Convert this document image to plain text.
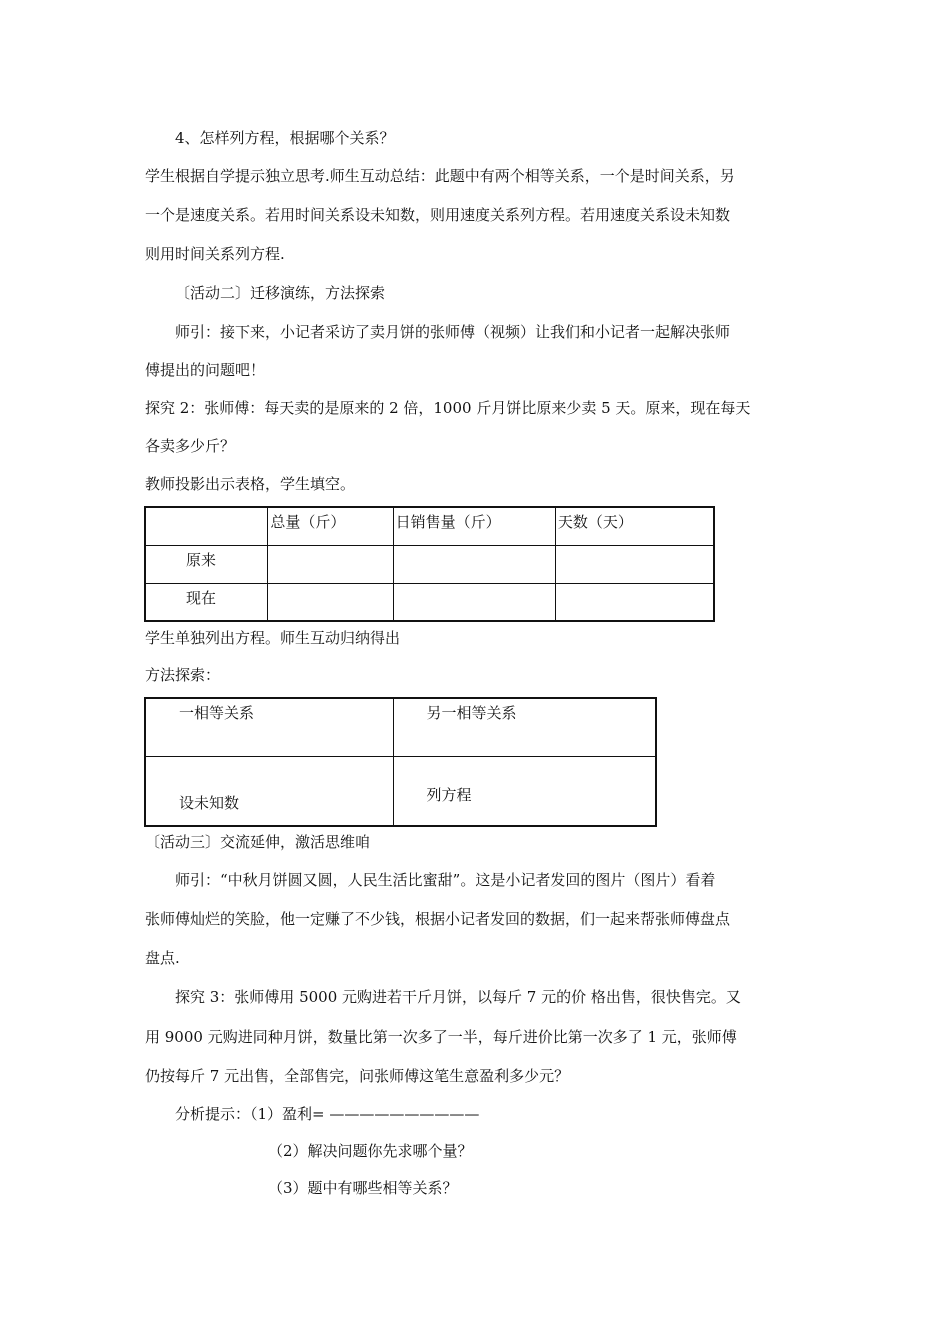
4、怎样列方程，根据哪个关系？
学生根据自学提示独立思考.师生互动总结：此题中有两个相等关系，一个是时间关系，另
一个是速度关系。若用时间关系设未知数，则用速度关系列方程。若用速度关系设未知数
则用时间关系列方程.
〔活动二〕迁移演练，方法探索
师引：接下来，小记者采访了卖月饼的张师傅（视频）让我们和小记者一起解决张师
傅提出的问题吧！
探究 2：张师傅：每天卖的是原来的 2 倍，1000 斤月饼比原来少卖 5 天。原来，现在每天
各卖多少斤？
教师投影出示表格，学生填空。

	总量（斤）	日销售量（斤）	天数（天）

原来			

现在			

学生单独列出方程。师生互动归纳得出
方法探索：
一相等关系	另一相等关系

设未知数	列方程
〔活动三〕交流延伸，激活思维咱
师引：“中秋月饼圆又圆，人民生活比蜜甜”。这是小记者发回的图片（图片）看着
张师傅灿烂的笑脸，他一定赚了不少钱，根据小记者发回的数据，们一起来帮张师傅盘点
盘点.
探究 3：张师傅用 5000 元购进若干斤月饼，以每斤 7 元的价 格出售，很快售完。又
用 9000 元购进同种月饼，数量比第一次多了一半，每斤进价比第一次多了 1 元，张师傅
仍按每斤 7 元出售，全部售完，问张师傅这笔生意盈利多少元？
分析提示：（1）盈利= ——————————
（2）解决问题你先求哪个量？
（3）题中有哪些相等关系？
